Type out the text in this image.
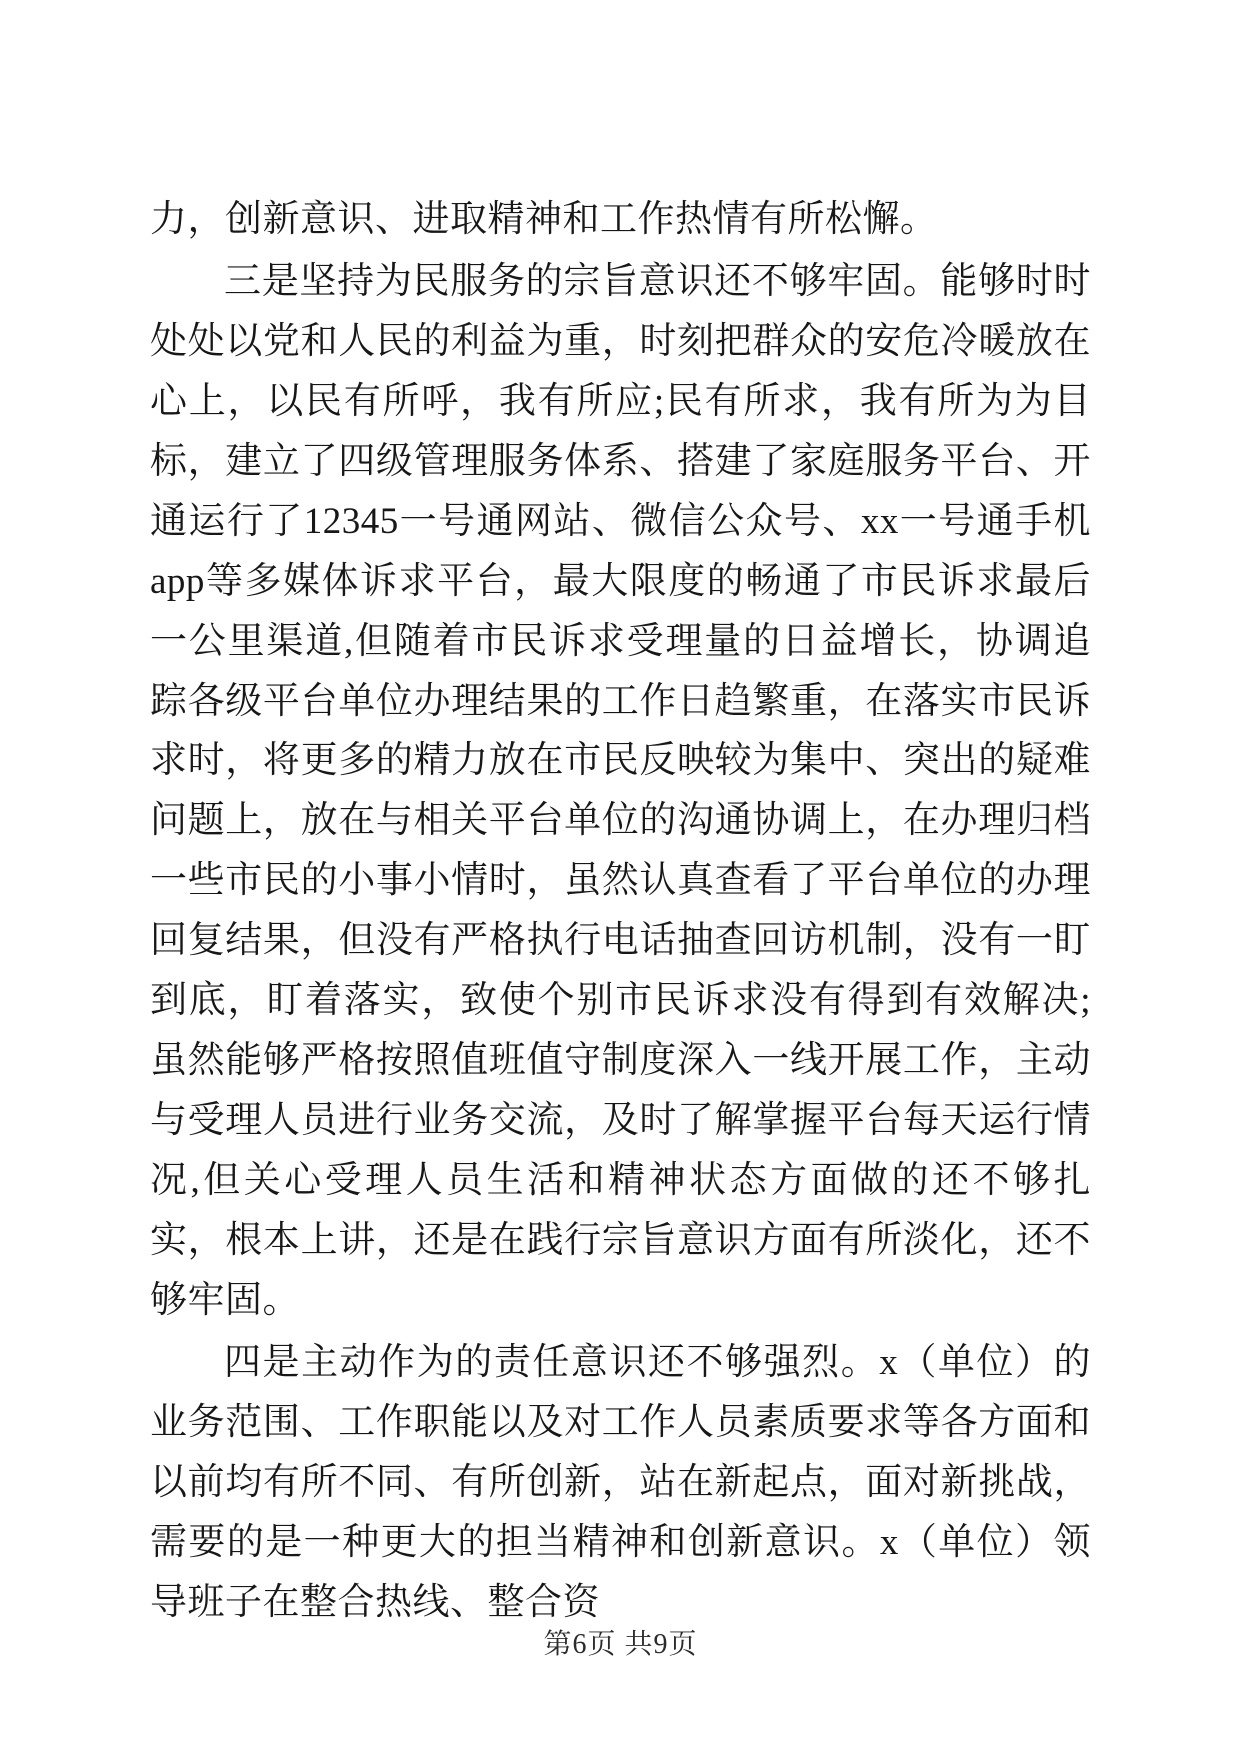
力，创新意识、进取精神和工作热情有所松懈。

三是坚持为民服务的宗旨意识还不够牢固。能够时时处处以党和人民的利益为重，时刻把群众的安危冷暖放在心上，以民有所呼，我有所应;民有所求，我有所为为目标，建立了四级管理服务体系、搭建了家庭服务平台、开通运行了12345一号通网站、微信公众号、xx一号通手机app等多媒体诉求平台，最大限度的畅通了市民诉求最后一公里渠道,但随着市民诉求受理量的日益增长，协调追踪各级平台单位办理结果的工作日趋繁重，在落实市民诉求时，将更多的精力放在市民反映较为集中、突出的疑难问题上，放在与相关平台单位的沟通协调上，在办理归档一些市民的小事小情时，虽然认真查看了平台单位的办理回复结果，但没有严格执行电话抽查回访机制，没有一盯到底，盯着落实，致使个别市民诉求没有得到有效解决;虽然能够严格按照值班值守制度深入一线开展工作，主动与受理人员进行业务交流，及时了解掌握平台每天运行情况,但关心受理人员生活和精神状态方面做的还不够扎实，根本上讲，还是在践行宗旨意识方面有所淡化，还不够牢固。

四是主动作为的责任意识还不够强烈。x（单位）的业务范围、工作职能以及对工作人员素质要求等各方面和以前均有所不同、有所创新，站在新起点，面对新挑战，需要的是一种更大的担当精神和创新意识。x（单位）领导班子在整合热线、整合资

第6页 共9页
